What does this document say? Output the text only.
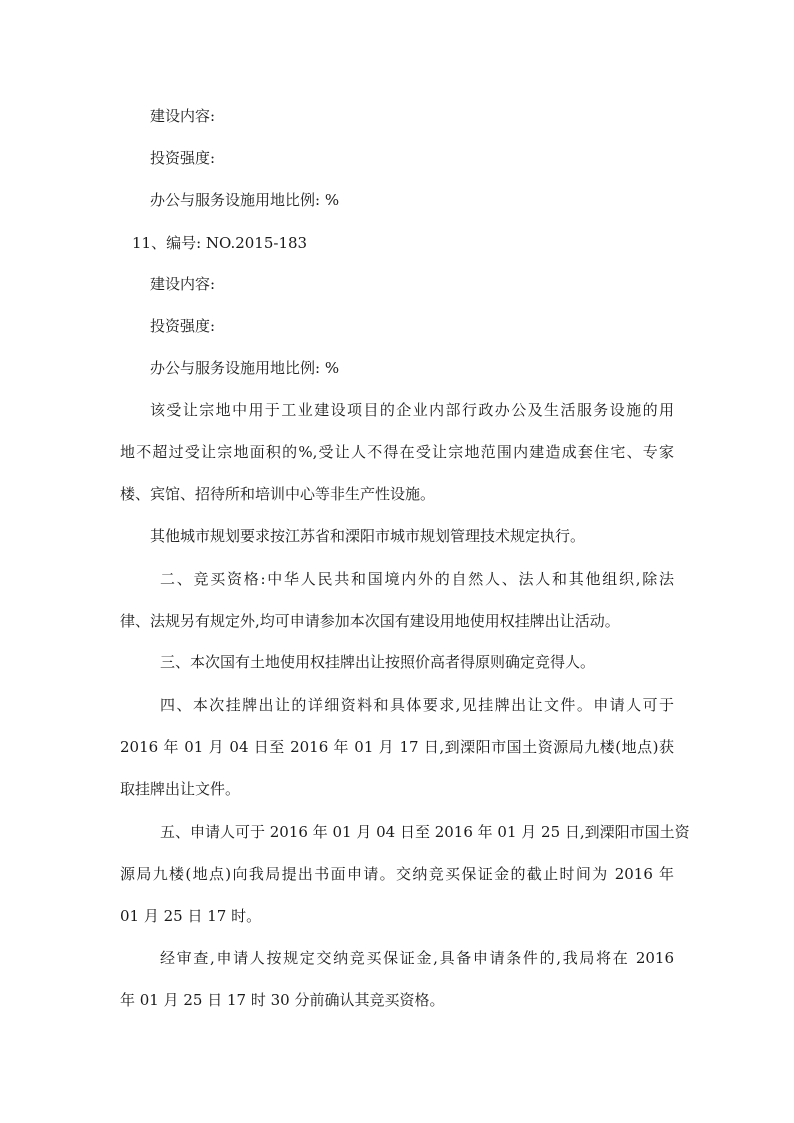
建设内容:
投资强度:
办公与服务设施用地比例: %
11、编号: NO.2015-183
建设内容:
投资强度:
办公与服务设施用地比例: %
该受让宗地中用于工业建设项目的企业内部行政办公及生活服务设施的用
地不超过受让宗地面积的%,受让人不得在受让宗地范围内建造成套住宅、专家
楼、宾馆、招待所和培训中心等非生产性设施。
其他城市规划要求按江苏省和溧阳市城市规划管理技术规定执行。
二、竞买资格:中华人民共和国境内外的自然人、法人和其他组织,除法
律、法规另有规定外,均可申请参加本次国有建设用地使用权挂牌出让活动。
三、本次国有土地使用权挂牌出让按照价高者得原则确定竞得人。
四、本次挂牌出让的详细资料和具体要求,见挂牌出让文件。申请人可于
2016 年 01 月 04 日至 2016 年 01 月 17 日,到溧阳市国土资源局九楼(地点)获
取挂牌出让文件。
五、申请人可于 2016 年 01 月 04 日至 2016 年 01 月 25 日,到溧阳市国土资
源局九楼(地点)向我局提出书面申请。交纳竞买保证金的截止时间为 2016 年
01 月 25 日 17 时。
经审查,申请人按规定交纳竞买保证金,具备申请条件的,我局将在 2016
年 01 月 25 日 17 时 30 分前确认其竞买资格。
